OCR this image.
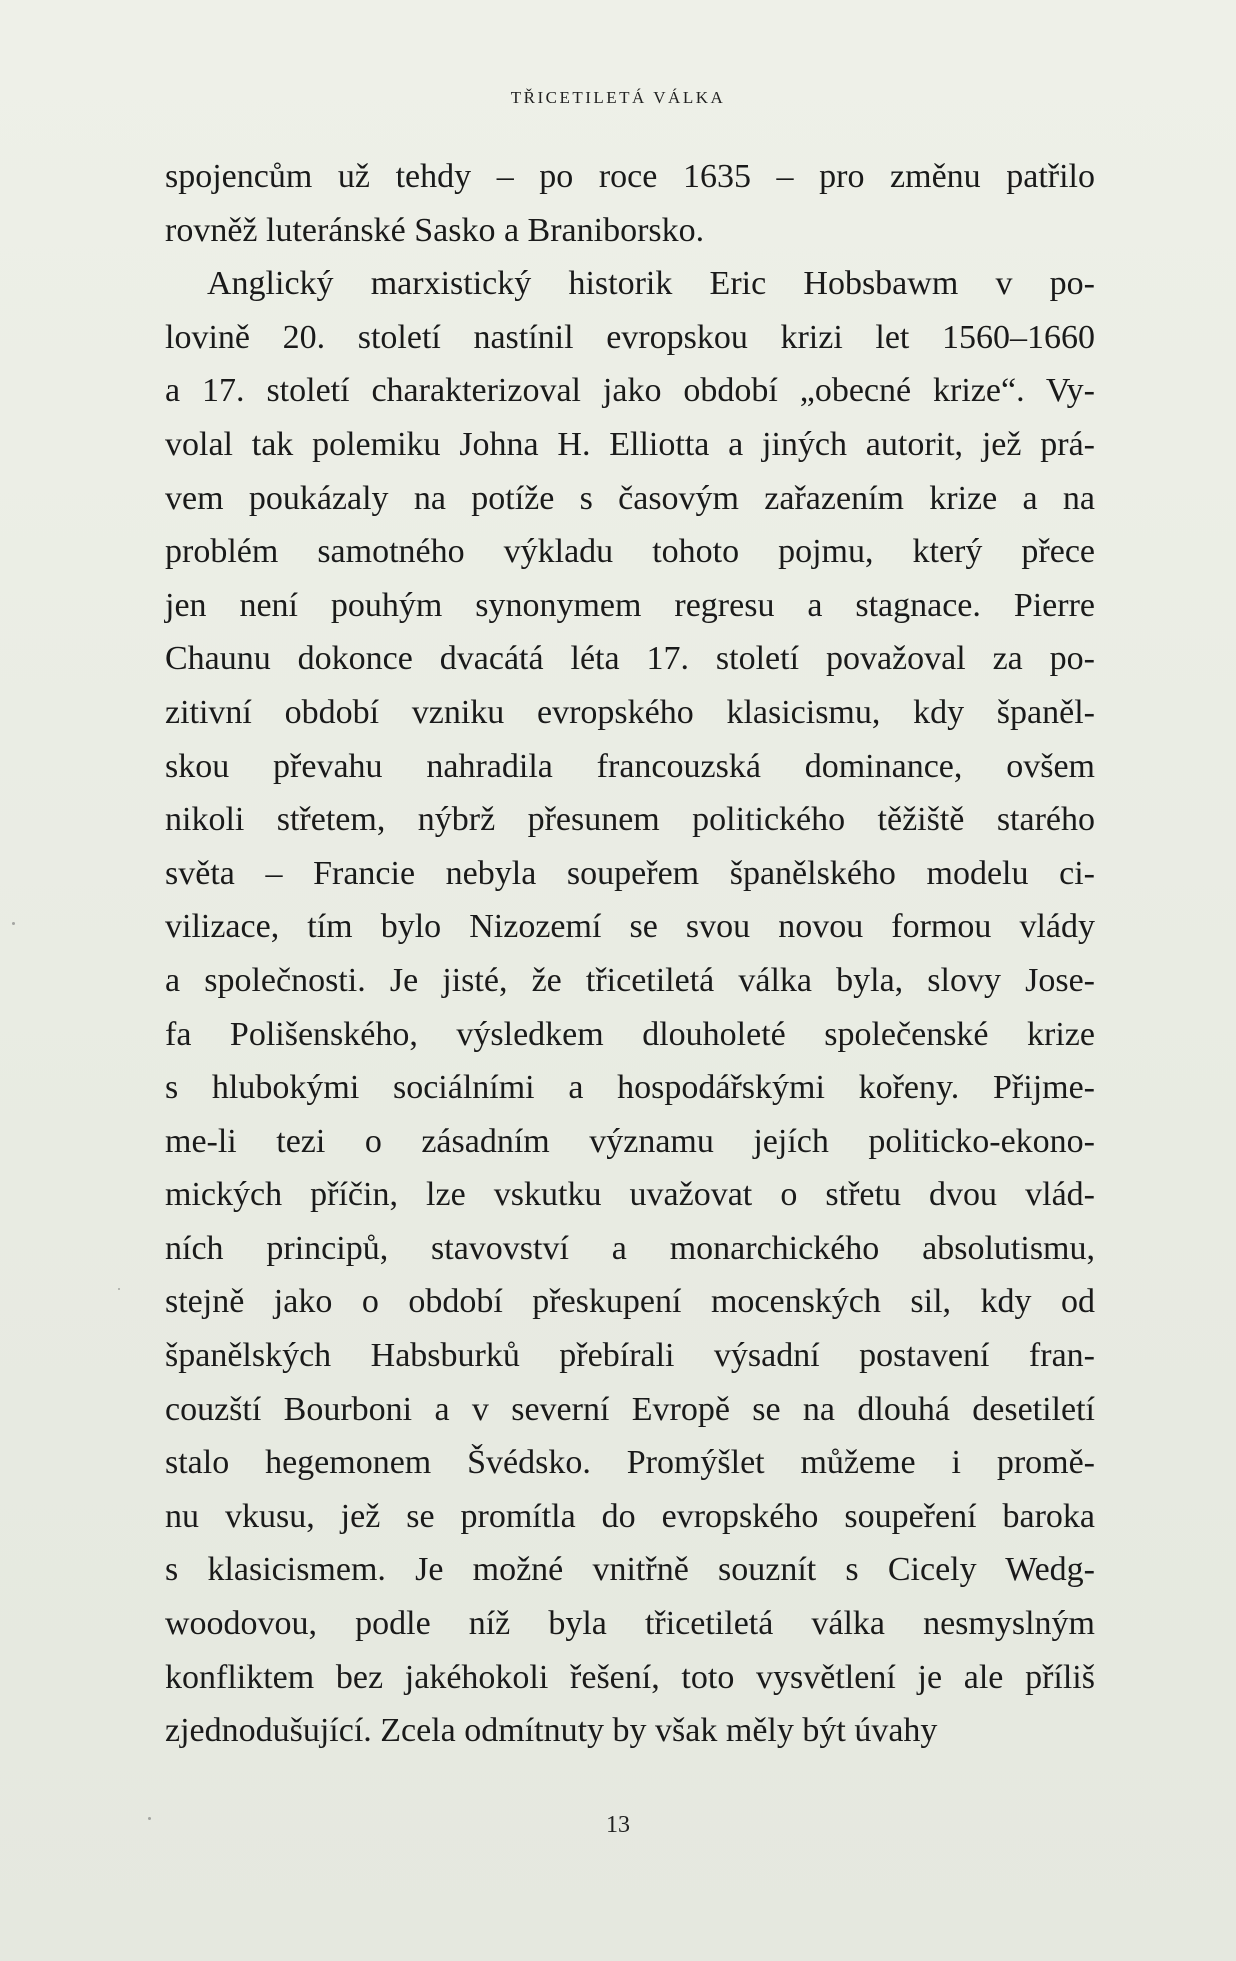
TŘICETILETÁ VÁLKA
spojencům už tehdy – po roce 1635 – pro změnu patřilo
rovněž luteránské Sasko a Braniborsko.
Anglický marxistický historik Eric Hobsbawm v po-
lovině 20. století nastínil evropskou krizi let 1560–1660
a 17. století charakterizoval jako období „obecné krize“. Vy-
volal tak polemiku Johna H. Elliotta a jiných autorit, jež prá-
vem poukázaly na potíže s časovým zařazením krize a na
problém samotného výkladu tohoto pojmu, který přece
jen není pouhým synonymem regresu a stagnace. Pierre
Chaunu dokonce dvacátá léta 17. století považoval za po-
zitivní období vzniku evropského klasicismu, kdy španěl-
skou převahu nahradila francouzská dominance, ovšem
nikoli střetem, nýbrž přesunem politického těžiště starého
světa – Francie nebyla soupeřem španělského modelu ci-
vilizace, tím bylo Nizozemí se svou novou formou vlády
a společnosti. Je jisté, že třicetiletá válka byla, slovy Jose-
fa Polišenského, výsledkem dlouholeté společenské krize
s hlubokými sociálními a hospodářskými kořeny. Přijme-
me-li tezi o zásadním významu jejích politicko-ekono-
mických příčin, lze vskutku uvažovat o střetu dvou vlád-
ních principů, stavovství a monarchického absolutismu,
stejně jako o období přeskupení mocenských sil, kdy od
španělských Habsburků přebírali výsadní postavení fran-
couzští Bourboni a v severní Evropě se na dlouhá desetiletí
stalo hegemonem Švédsko. Promýšlet můžeme i promě-
nu vkusu, jež se promítla do evropského soupeření baroka
s klasicismem. Je možné vnitřně souznít s Cicely Wedg-
woodovou, podle níž byla třicetiletá válka nesmyslným
konfliktem bez jakéhokoli řešení, toto vysvětlení je ale příliš
zjednodušující. Zcela odmítnuty by však měly být úvahy
13
